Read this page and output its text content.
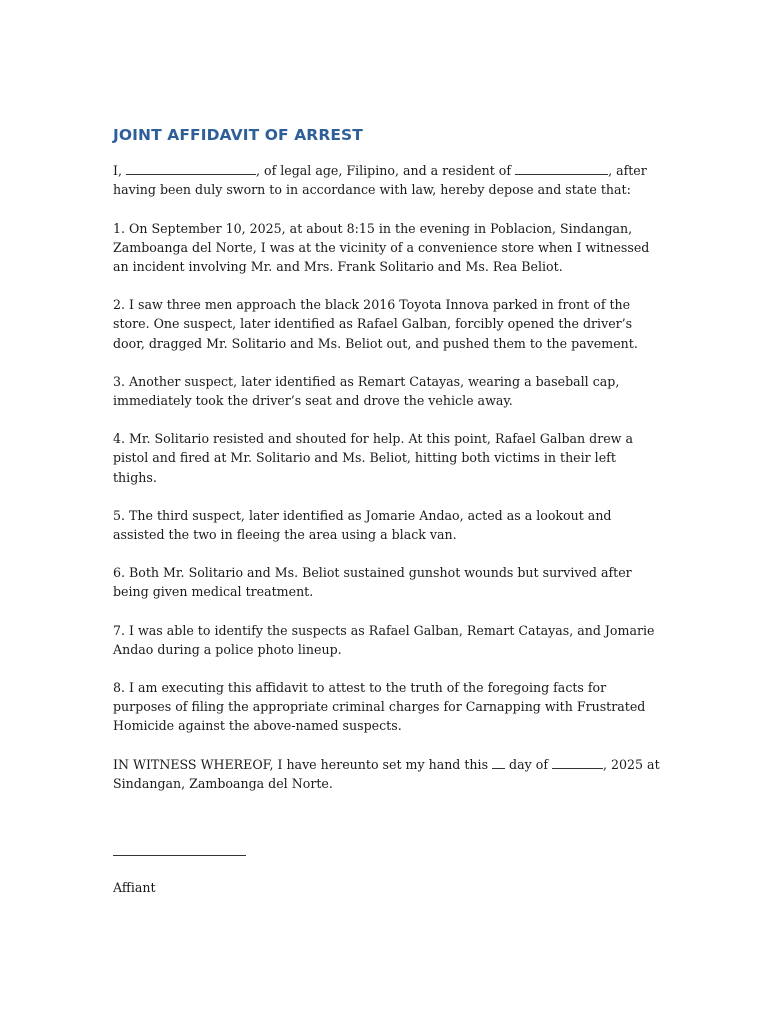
JOINT AFFIDAVIT OF ARREST

I,	, of legal age, Filipino, and a resident of	, after having been duly sworn to in accordance with law, hereby depose and state that:

1. On September 10, 2025, at about 8:15 in the evening in Poblacion, Sindangan, Zamboanga del Norte, I was at the vicinity of a convenience store when I witnessed an incident involving Mr. and Mrs. Frank Solitario and Ms. Rea Beliot.

2. I saw three men approach the black 2016 Toyota Innova parked in front of the store. One suspect, later identified as Rafael Galban, forcibly opened the driver’s door, dragged Mr. Solitario and Ms. Beliot out, and pushed them to the pavement.

3. Another suspect, later identified as Remart Catayas, wearing a baseball cap, immediately took the driver’s seat and drove the vehicle away.

4. Mr. Solitario resisted and shouted for help. At this point, Rafael Galban drew a pistol and fired at Mr. Solitario and Ms. Beliot, hitting both victims in their left thighs.

5. The third suspect, later identified as Jomarie Andao, acted as a lookout and assisted the two in fleeing the area using a black van.

6. Both Mr. Solitario and Ms. Beliot sustained gunshot wounds but survived after being given medical treatment.

7. I was able to identify the suspects as Rafael Galban, Remart Catayas, and Jomarie Andao during a police photo lineup.

8. I am executing this affidavit to attest to the truth of the foregoing facts for purposes of filing the appropriate criminal charges for Carnapping with Frustrated Homicide against the above-named suspects.

IN WITNESS WHEREOF, I have hereunto set my hand this  day of	, 2025 at Sindangan, Zamboanga del Norte.

Affiant
